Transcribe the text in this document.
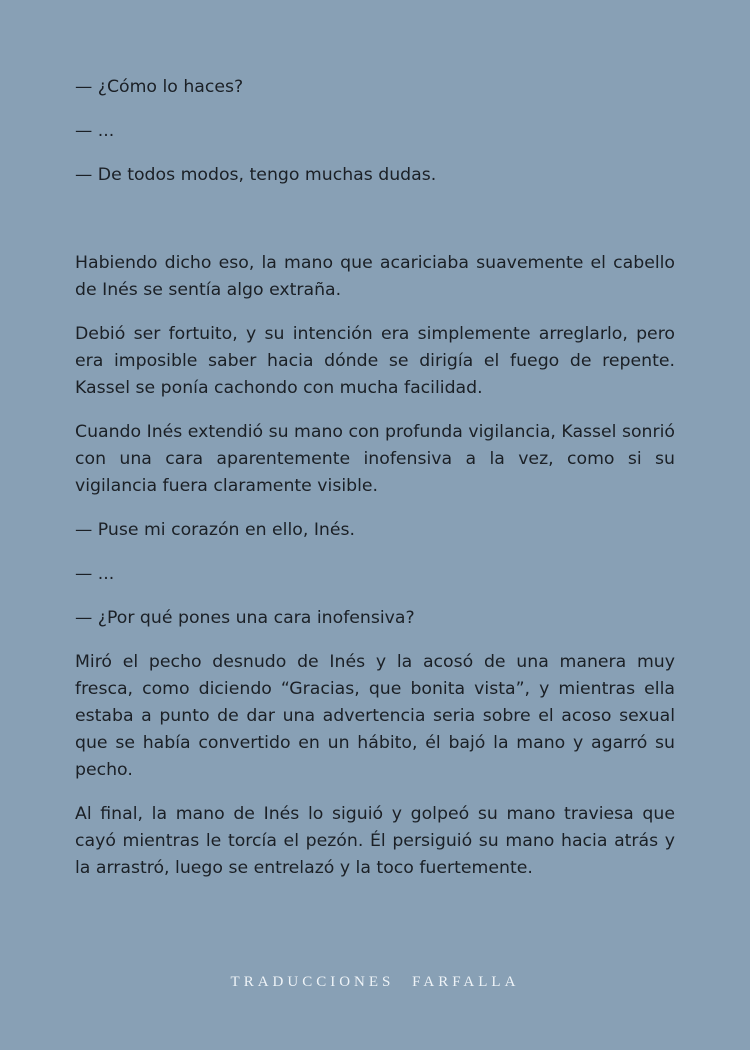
— ¿Cómo lo haces?

— ...

— De todos modos, tengo muchas dudas.

Habiendo dicho eso, la mano que acariciaba suavemente el cabello de Inés se sentía algo extraña.

Debió ser fortuito, y su intención era simplemente arreglarlo, pero era imposible saber hacia dónde se dirigía el fuego de repente. Kassel se ponía cachondo con mucha facilidad.

Cuando Inés extendió su mano con profunda vigilancia, Kassel sonrió con una cara aparentemente inofensiva a la vez, como si su vigilancia fuera claramente visible.

— Puse mi corazón en ello, Inés.

— ...

— ¿Por qué pones una cara inofensiva?

Miró el pecho desnudo de Inés y la acosó de una manera muy fresca, como diciendo “Gracias, que bonita vista”, y mientras ella estaba a punto de dar una advertencia seria sobre el acoso sexual que se había convertido en un hábito, él bajó la mano y agarró su pecho.

Al final, la mano de Inés lo siguió y golpeó su mano traviesa que cayó mientras le torcía el pezón. Él persiguió su mano hacia atrás y la arrastró, luego se entrelazó y la toco fuertemente.

TRADUCCIONES FARFALLA
